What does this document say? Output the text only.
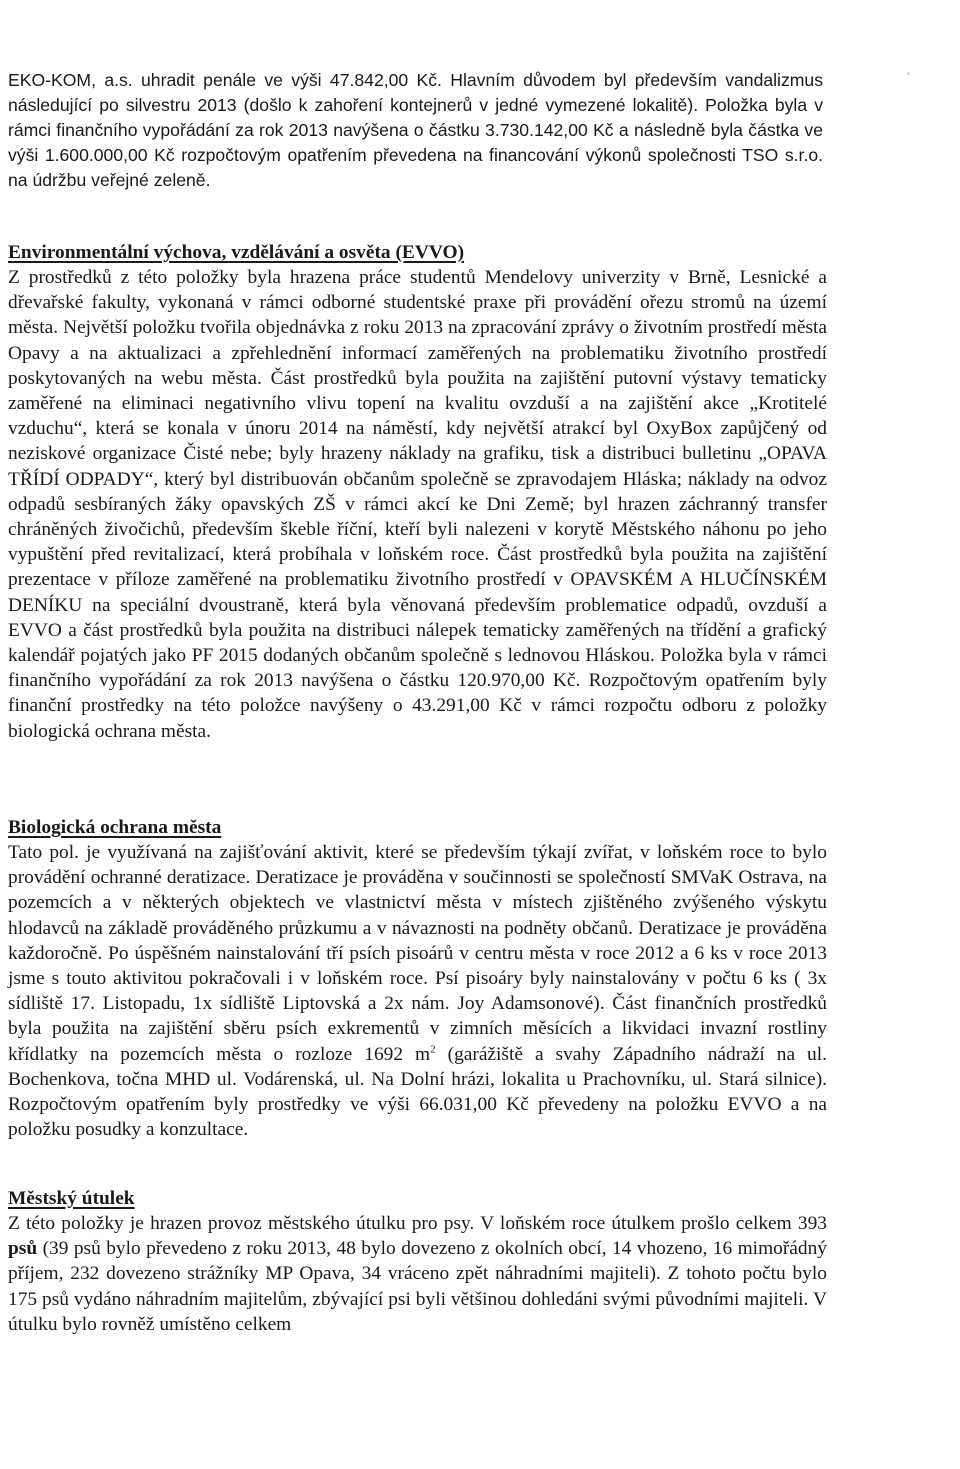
EKO-KOM, a.s. uhradit penále ve výši 47.842,00 Kč. Hlavním důvodem byl především vandalizmus následující po silvestru 2013 (došlo k zahoření kontejnerů v jedné vymezené lokalitě). Položka byla v rámci finančního vypořádání za rok 2013 navýšena o částku 3.730.142,00 Kč a následně byla částka ve výši 1.600.000,00 Kč rozpočtovým opatřením převedena na financování výkonů společnosti TSO s.r.o. na údržbu veřejné zeleně.

Environmentální výchova, vzdělávání a osvěta (EVVO)

Z prostředků z této položky byla hrazena práce studentů Mendelovy univerzity v Brně, Lesnické a dřevařské fakulty, vykonaná v rámci odborné studentské praxe při provádění ořezu stromů na území města. Největší položku tvořila objednávka z roku 2013 na zpracování zprávy o životním prostředí města Opavy a na aktualizaci a zpřehlednění informací zaměřených na problematiku životního prostředí poskytovaných na webu města. Část prostředků byla použita na zajištění putovní výstavy tematicky zaměřené na eliminaci negativního vlivu topení na kvalitu ovzduší a na zajištění akce „Krotitelé vzduchu“, která se konala v únoru 2014 na náměstí, kdy největší atrakcí byl OxyBox zapůjčený od neziskové organizace Čisté nebe; byly hrazeny náklady na grafiku, tisk a distribuci bulletinu „OPAVA TŘÍDÍ ODPADY“, který byl distribuován občanům společně se zpravodajem Hláska; náklady na odvoz odpadů sesbíraných žáky opavských ZŠ v rámci akcí ke Dni Země; byl hrazen záchranný transfer chráněných živočichů, především škeble říční, kteří byli nalezeni v korytě Městského náhonu po jeho vypuštění před revitalizací, která probíhala v loňském roce. Část prostředků byla použita na zajištění prezentace v příloze zaměřené na problematiku životního prostředí v OPAVSKÉM A HLUČÍNSKÉM DENÍKU na speciální dvoustraně, která byla věnovaná především problematice odpadů, ovzduší a EVVO a část prostředků byla použita na distribuci nálepek tematicky zaměřených na třídění a grafický kalendář pojatých jako PF 2015 dodaných občanům společně s lednovou Hláskou. Položka byla v rámci finančního vypořádání za rok 2013 navýšena o částku 120.970,00 Kč. Rozpočtovým opatřením byly finanční prostředky na této položce navýšeny o 43.291,00 Kč v rámci rozpočtu odboru z položky biologická ochrana města.

Biologická ochrana města

Tato pol. je využívaná na zajišťování aktivit, které se především týkají zvířat, v loňském roce to bylo provádění ochranné deratizace. Deratizace je prováděna v součinnosti se společností SMVaK Ostrava, na pozemcích a v některých objektech ve vlastnictví města v místech zjištěného zvýšeného výskytu hlodavců na základě prováděného průzkumu a v návaznosti na podněty občanů. Deratizace je prováděna každoročně. Po úspěšném nainstalování tří psích pisoárů v centru města v roce 2012 a 6 ks v roce 2013 jsme s touto aktivitou pokračovali i v loňském roce. Psí pisoáry byly nainstalovány v počtu 6 ks ( 3x sídliště 17. Listopadu, 1x sídliště Liptovská a 2x nám. Joy Adamsonové). Část finančních prostředků byla použita na zajištění sběru psích exkrementů v zimních měsících a likvidaci invazní rostliny křídlatky na pozemcích města o rozloze 1692 $m^2$ (garážiště a svahy Západního nádraží na ul. Bochenkova, točna MHD ul. Vodárenská, ul. Na Dolní hrázi, lokalita u Prachovníku, ul. Stará silnice). Rozpočtovým opatřením byly prostředky ve výši 66.031,00 Kč převedeny na položku EVVO a na položku posudky a konzultace.

Městský útulek

Z této položky je hrazen provoz městského útulku pro psy. V loňském roce útulkem prošlo celkem 393 psů (39 psů bylo převedeno z roku 2013, 48 bylo dovezeno z okolních obcí, 14 vhozeno, 16 mimořádný příjem, 232 dovezeno strážníky MP Opava, 34 vráceno zpět náhradními majiteli). Z tohoto počtu bylo 175 psů vydáno náhradním majitelům, zbývající psi byli většinou dohledáni svými původními majiteli. V útulku bylo rovněž umístěno celkem
